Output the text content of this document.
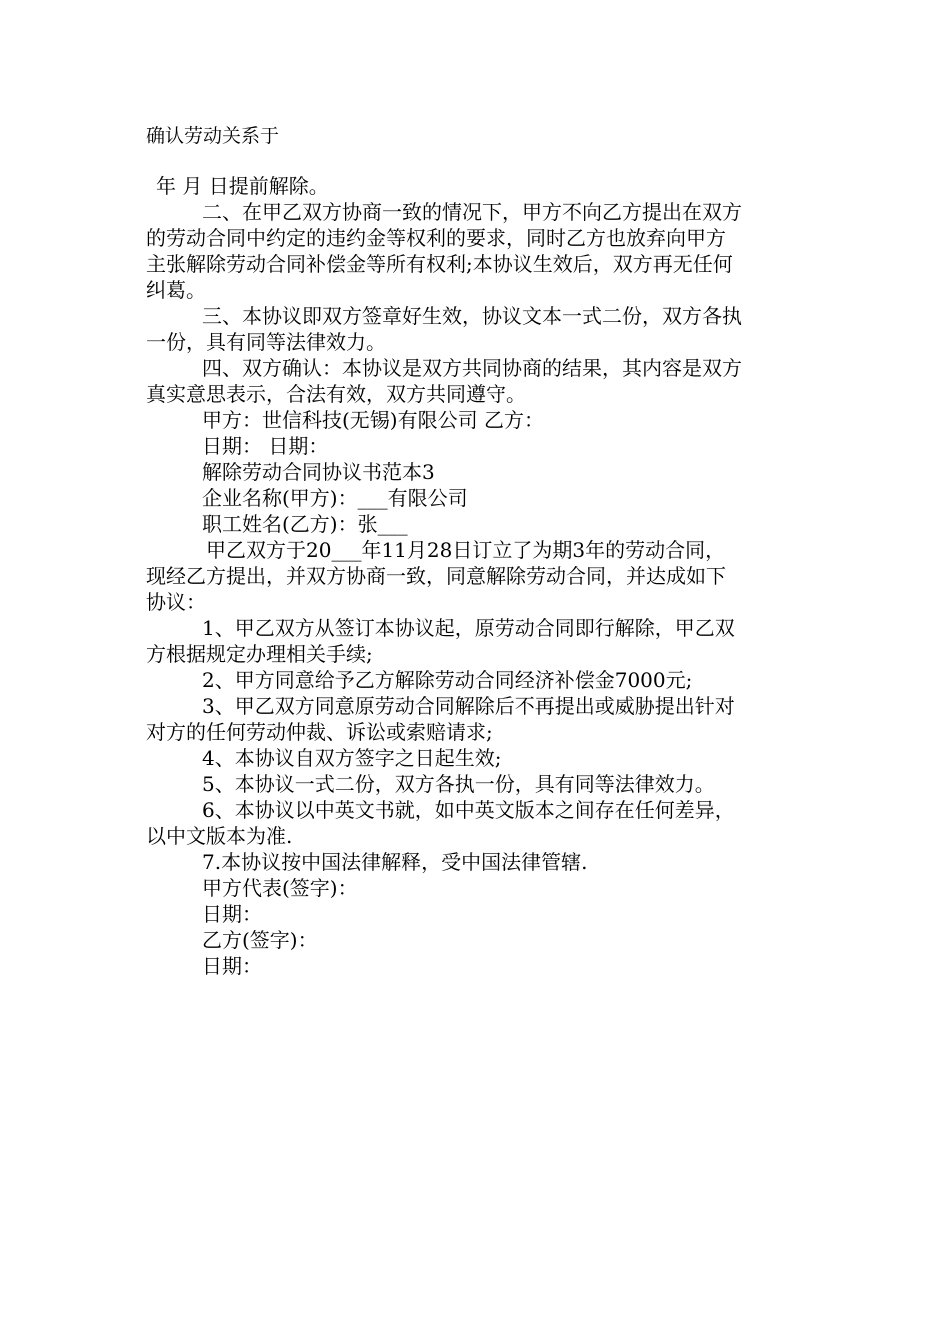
确认劳动关系于
年 月 日提前解除。
二、在甲乙双方协商一致的情况下，甲方不向乙方提出在双方
的劳动合同中约定的违约金等权利的要求，同时乙方也放弃向甲方
主张解除劳动合同补偿金等所有权利;本协议生效后，双方再无任何
纠葛。
三、本协议即双方签章好生效，协议文本一式二份，双方各执
一份，具有同等法律效力。
四、双方确认：本协议是双方共同协商的结果，其内容是双方
真实意思表示，合法有效，双方共同遵守。
甲方：世信科技(无锡)有限公司 乙方：
日期： 日期：
解除劳动合同协议书范本3
企业名称(甲方)：___有限公司
职工姓名(乙方)：张___
甲乙双方于20___年11月28日订立了为期3年的劳动合同，
现经乙方提出，并双方协商一致，同意解除劳动合同，并达成如下
协议：
1、甲乙双方从签订本协议起，原劳动合同即行解除，甲乙双
方根据规定办理相关手续;
2、甲方同意给予乙方解除劳动合同经济补偿金7000元;
3、甲乙双方同意原劳动合同解除后不再提出或威胁提出针对
对方的任何劳动仲裁、诉讼或索赔请求;
4、本协议自双方签字之日起生效;
5、本协议一式二份，双方各执一份，具有同等法律效力。
6、本协议以中英文书就，如中英文版本之间存在任何差异，
以中文版本为准.
7.本协议按中国法律解释，受中国法律管辖.
甲方代表(签字)：
日期：
乙方(签字)：
日期：
